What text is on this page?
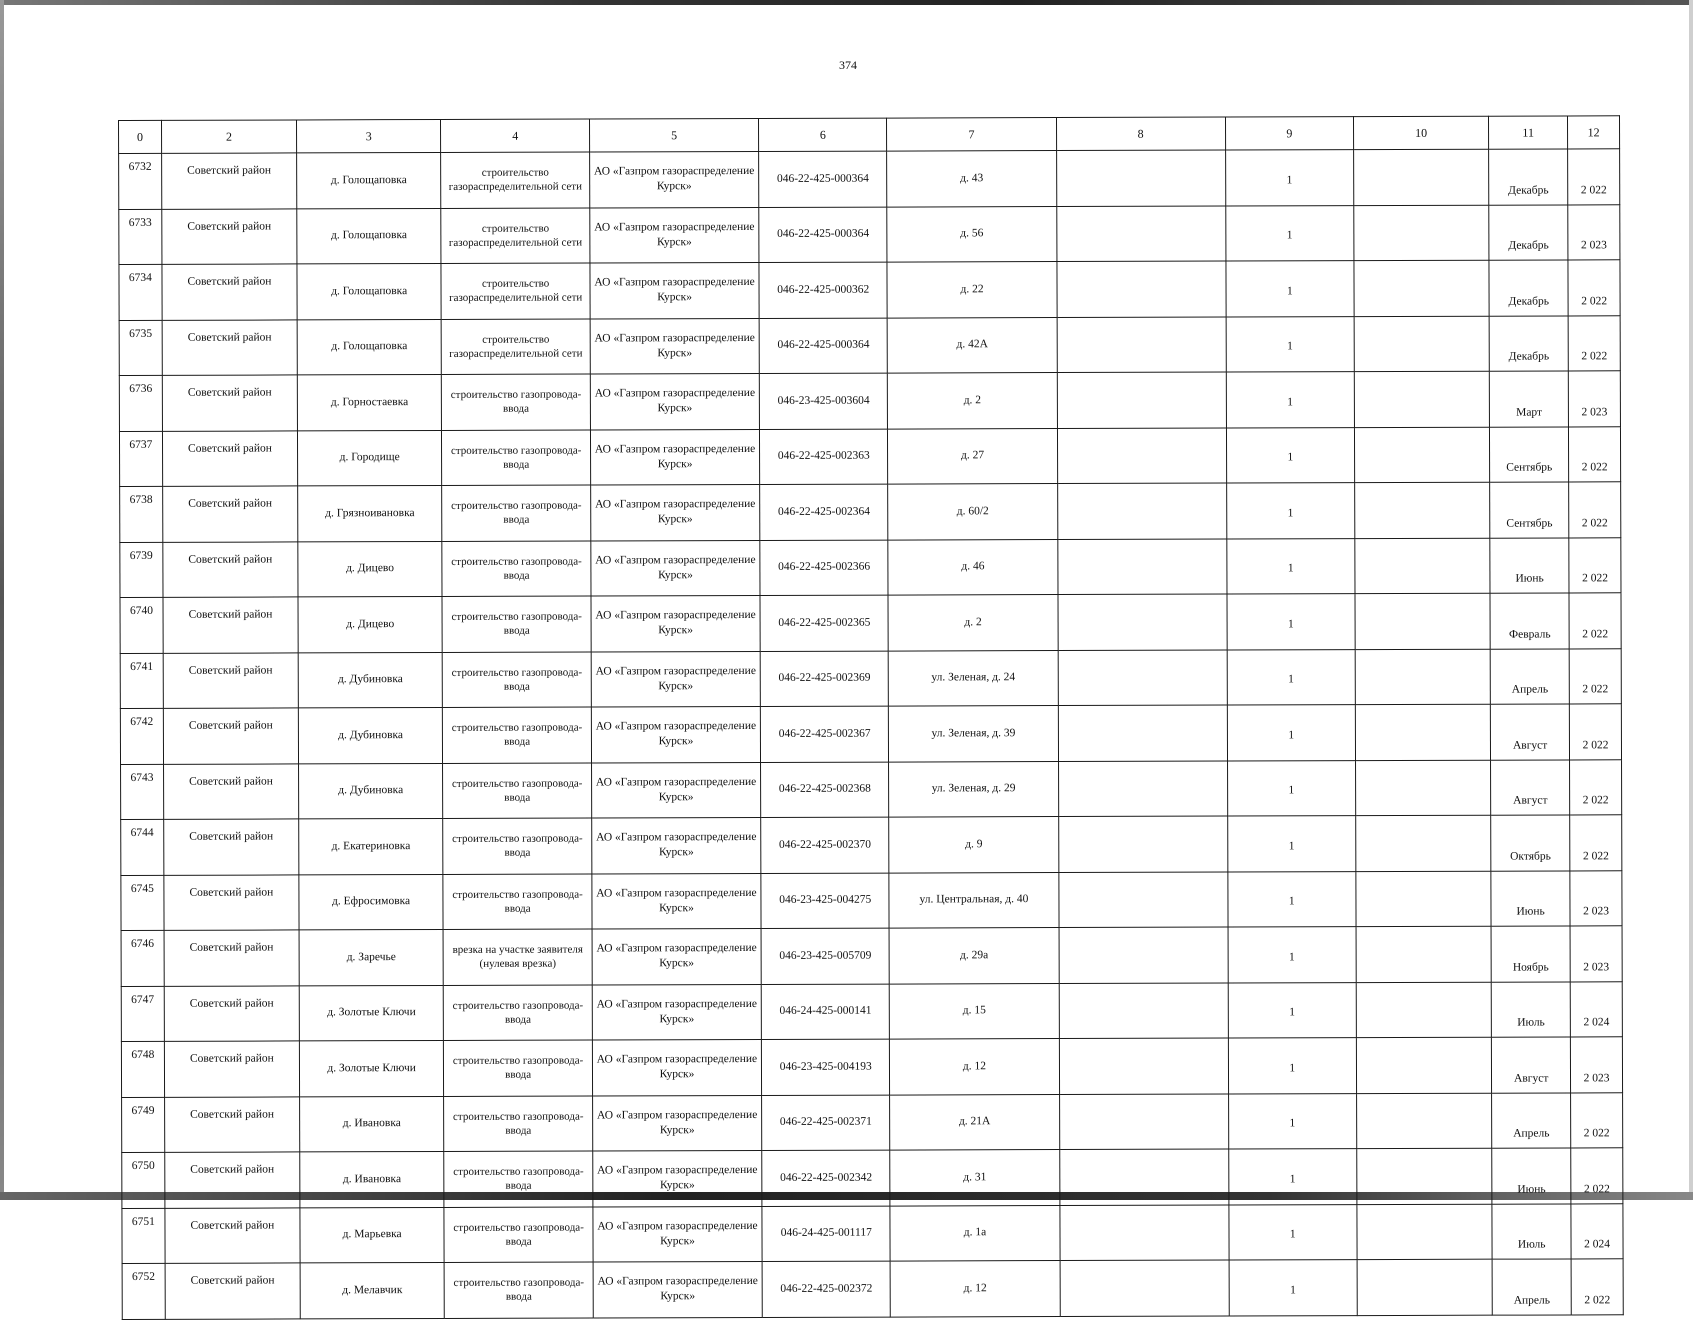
374
0	2	3	4	5	6	7	8	9	10	11	12
6732	Советский район	д. Голощаповка	строительство газораспределительной сети	АО «Газпром газораспределение Курск»	046-22-425-000364	д. 43		1		Декабрь	2 022
6733	Советский район	д. Голощаповка	строительство газораспределительной сети	АО «Газпром газораспределение Курск»	046-22-425-000364	д. 56		1		Декабрь	2 023
6734	Советский район	д. Голощаповка	строительство газораспределительной сети	АО «Газпром газораспределение Курск»	046-22-425-000362	д. 22		1		Декабрь	2 022
6735	Советский район	д. Голощаповка	строительство газораспределительной сети	АО «Газпром газораспределение Курск»	046-22-425-000364	д. 42А		1		Декабрь	2 022
6736	Советский район	д. Горностаевка	строительство газопровода-ввода	АО «Газпром газораспределение Курск»	046-23-425-003604	д. 2		1		Март	2 023
6737	Советский район	д. Городище	строительство газопровода-ввода	АО «Газпром газораспределение Курск»	046-22-425-002363	д. 27		1		Сентябрь	2 022
6738	Советский район	д. Грязноивановка	строительство газопровода-ввода	АО «Газпром газораспределение Курск»	046-22-425-002364	д. 60/2		1		Сентябрь	2 022
6739	Советский район	д. Дицево	строительство газопровода-ввода	АО «Газпром газораспределение Курск»	046-22-425-002366	д. 46		1		Июнь	2 022
6740	Советский район	д. Дицево	строительство газопровода-ввода	АО «Газпром газораспределение Курск»	046-22-425-002365	д. 2		1		Февраль	2 022
6741	Советский район	д. Дубиновка	строительство газопровода-ввода	АО «Газпром газораспределение Курск»	046-22-425-002369	ул. Зеленая, д. 24		1		Апрель	2 022
6742	Советский район	д. Дубиновка	строительство газопровода-ввода	АО «Газпром газораспределение Курск»	046-22-425-002367	ул. Зеленая, д. 39		1		Август	2 022
6743	Советский район	д. Дубиновка	строительство газопровода-ввода	АО «Газпром газораспределение Курск»	046-22-425-002368	ул. Зеленая, д. 29		1		Август	2 022
6744	Советский район	д. Екатериновка	строительство газопровода-ввода	АО «Газпром газораспределение Курск»	046-22-425-002370	д. 9		1		Октябрь	2 022
6745	Советский район	д. Ефросимовка	строительство газопровода-ввода	АО «Газпром газораспределение Курск»	046-23-425-004275	ул. Центральная, д. 40		1		Июнь	2 023
6746	Советский район	д. Заречье	врезка на участке заявителя (нулевая врезка)	АО «Газпром газораспределение Курск»	046-23-425-005709	д. 29а		1		Ноябрь	2 023
6747	Советский район	д. Золотые Ключи	строительство газопровода-ввода	АО «Газпром газораспределение Курск»	046-24-425-000141	д. 15		1		Июль	2 024
6748	Советский район	д. Золотые Ключи	строительство газопровода-ввода	АО «Газпром газораспределение Курск»	046-23-425-004193	д. 12		1		Август	2 023
6749	Советский район	д. Ивановка	строительство газопровода-ввода	АО «Газпром газораспределение Курск»	046-22-425-002371	д. 21А		1		Апрель	2 022
6750	Советский район	д. Ивановка	строительство газопровода-ввода	АО «Газпром газораспределение Курск»	046-22-425-002342	д. 31		1		Июнь	2 022
6751	Советский район	д. Марьевка	строительство газопровода-ввода	АО «Газпром газораспределение Курск»	046-24-425-001117	д. 1а		1		Июль	2 024
6752	Советский район	д. Мелавчик	строительство газопровода-ввода	АО «Газпром газораспределение Курск»	046-22-425-002372	д. 12		1		Апрель	2 022
